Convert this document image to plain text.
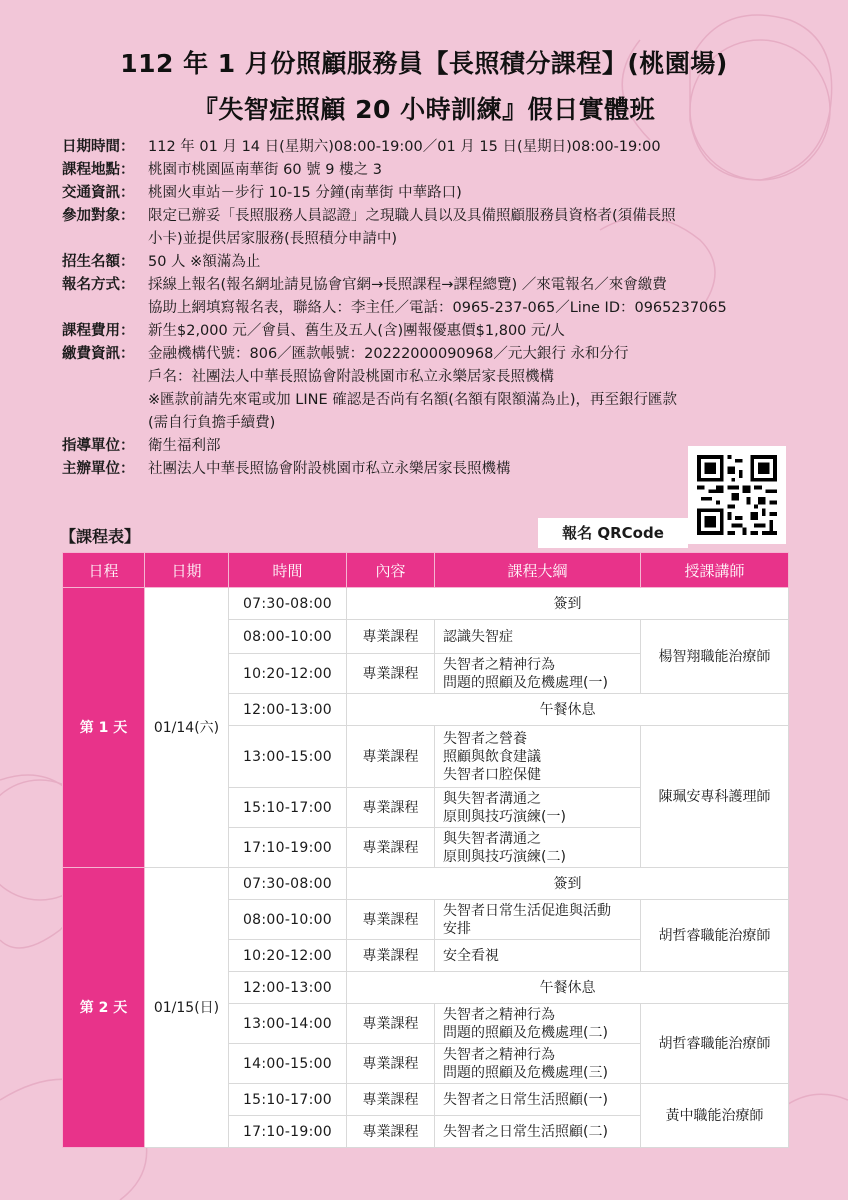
112 年 1 月份照顧服務員【長照積分課程】(桃園場)
『失智症照顧 20 小時訓練』假日實體班
日期時間： 112 年 01 月 14 日(星期六)08:00-19:00／01 月 15 日(星期日)08:00-19:00
課程地點： 桃園市桃園區南華街 60 號 9 樓之 3
交通資訊： 桃園火車站－步行 10-15 分鐘(南華街 中華路口)
參加對象： 限定已辦妥「長照服務人員認證」之現職人員以及具備照顧服務員資格者(須備長照
小卡)並提供居家服務(長照積分申請中)
招生名額： 50 人 ※額滿為止
報名方式： 採線上報名(報名網址請見協會官網→長照課程→課程總覽) ／來電報名／來會繳費
協助上網填寫報名表，聯絡人：李主任／電話：0965-237-065／Line ID：0965237065
課程費用： 新生$2,000 元／會員、舊生及五人(含)團報優惠價$1,800 元/人
繳費資訊： 金融機構代號：806／匯款帳號：20222000090968／元大銀行 永和分行
戶名：社團法人中華長照協會附設桃園市私立永樂居家長照機構
※匯款前請先來電或加 LINE 確認是否尚有名額(名額有限額滿為止)，再至銀行匯款
(需自行負擔手續費)
指導單位： 衛生福利部
主辦單位： 社團法人中華長照協會附設桃園市私立永樂居家長照機構
報名 QRCode
【課程表】
日程	日期	時間	內容	課程大綱	授課講師
第 1 天	01/14(六)	07:30-08:00	簽到		
		08:00-10:00	專業課程	認識失智症	楊智翔職能治療師
		10:20-12:00	專業課程	失智者之精神行為
問題的照顧及危機處理(一)	

		12:00-13:00	午餐休息		
		13:00-15:00	專業課程	失智者之營養
照顧與飲食建議
失智者口腔保健	陳珮安專科護理師
		15:10-17:00	專業課程	與失智者溝通之
原則與技巧演練(一)	

		17:10-19:00	專業課程	與失智者溝通之
原則與技巧演練(二)	

第 2 天	01/15(日)	07:30-08:00	簽到		
		08:00-10:00	專業課程	失智者日常生活促進與活動
安排	胡哲睿職能治療師
		10:20-12:00	專業課程	安全看視	

		12:00-13:00	午餐休息		
		13:00-14:00	專業課程	失智者之精神行為
問題的照顧及危機處理(二)	胡哲睿職能治療師
		14:00-15:00	專業課程	失智者之精神行為
問題的照顧及危機處理(三)	

		15:10-17:00	專業課程	失智者之日常生活照顧(一)	黃中職能治療師
		17:10-19:00	專業課程	失智者之日常生活照顧(二)	
